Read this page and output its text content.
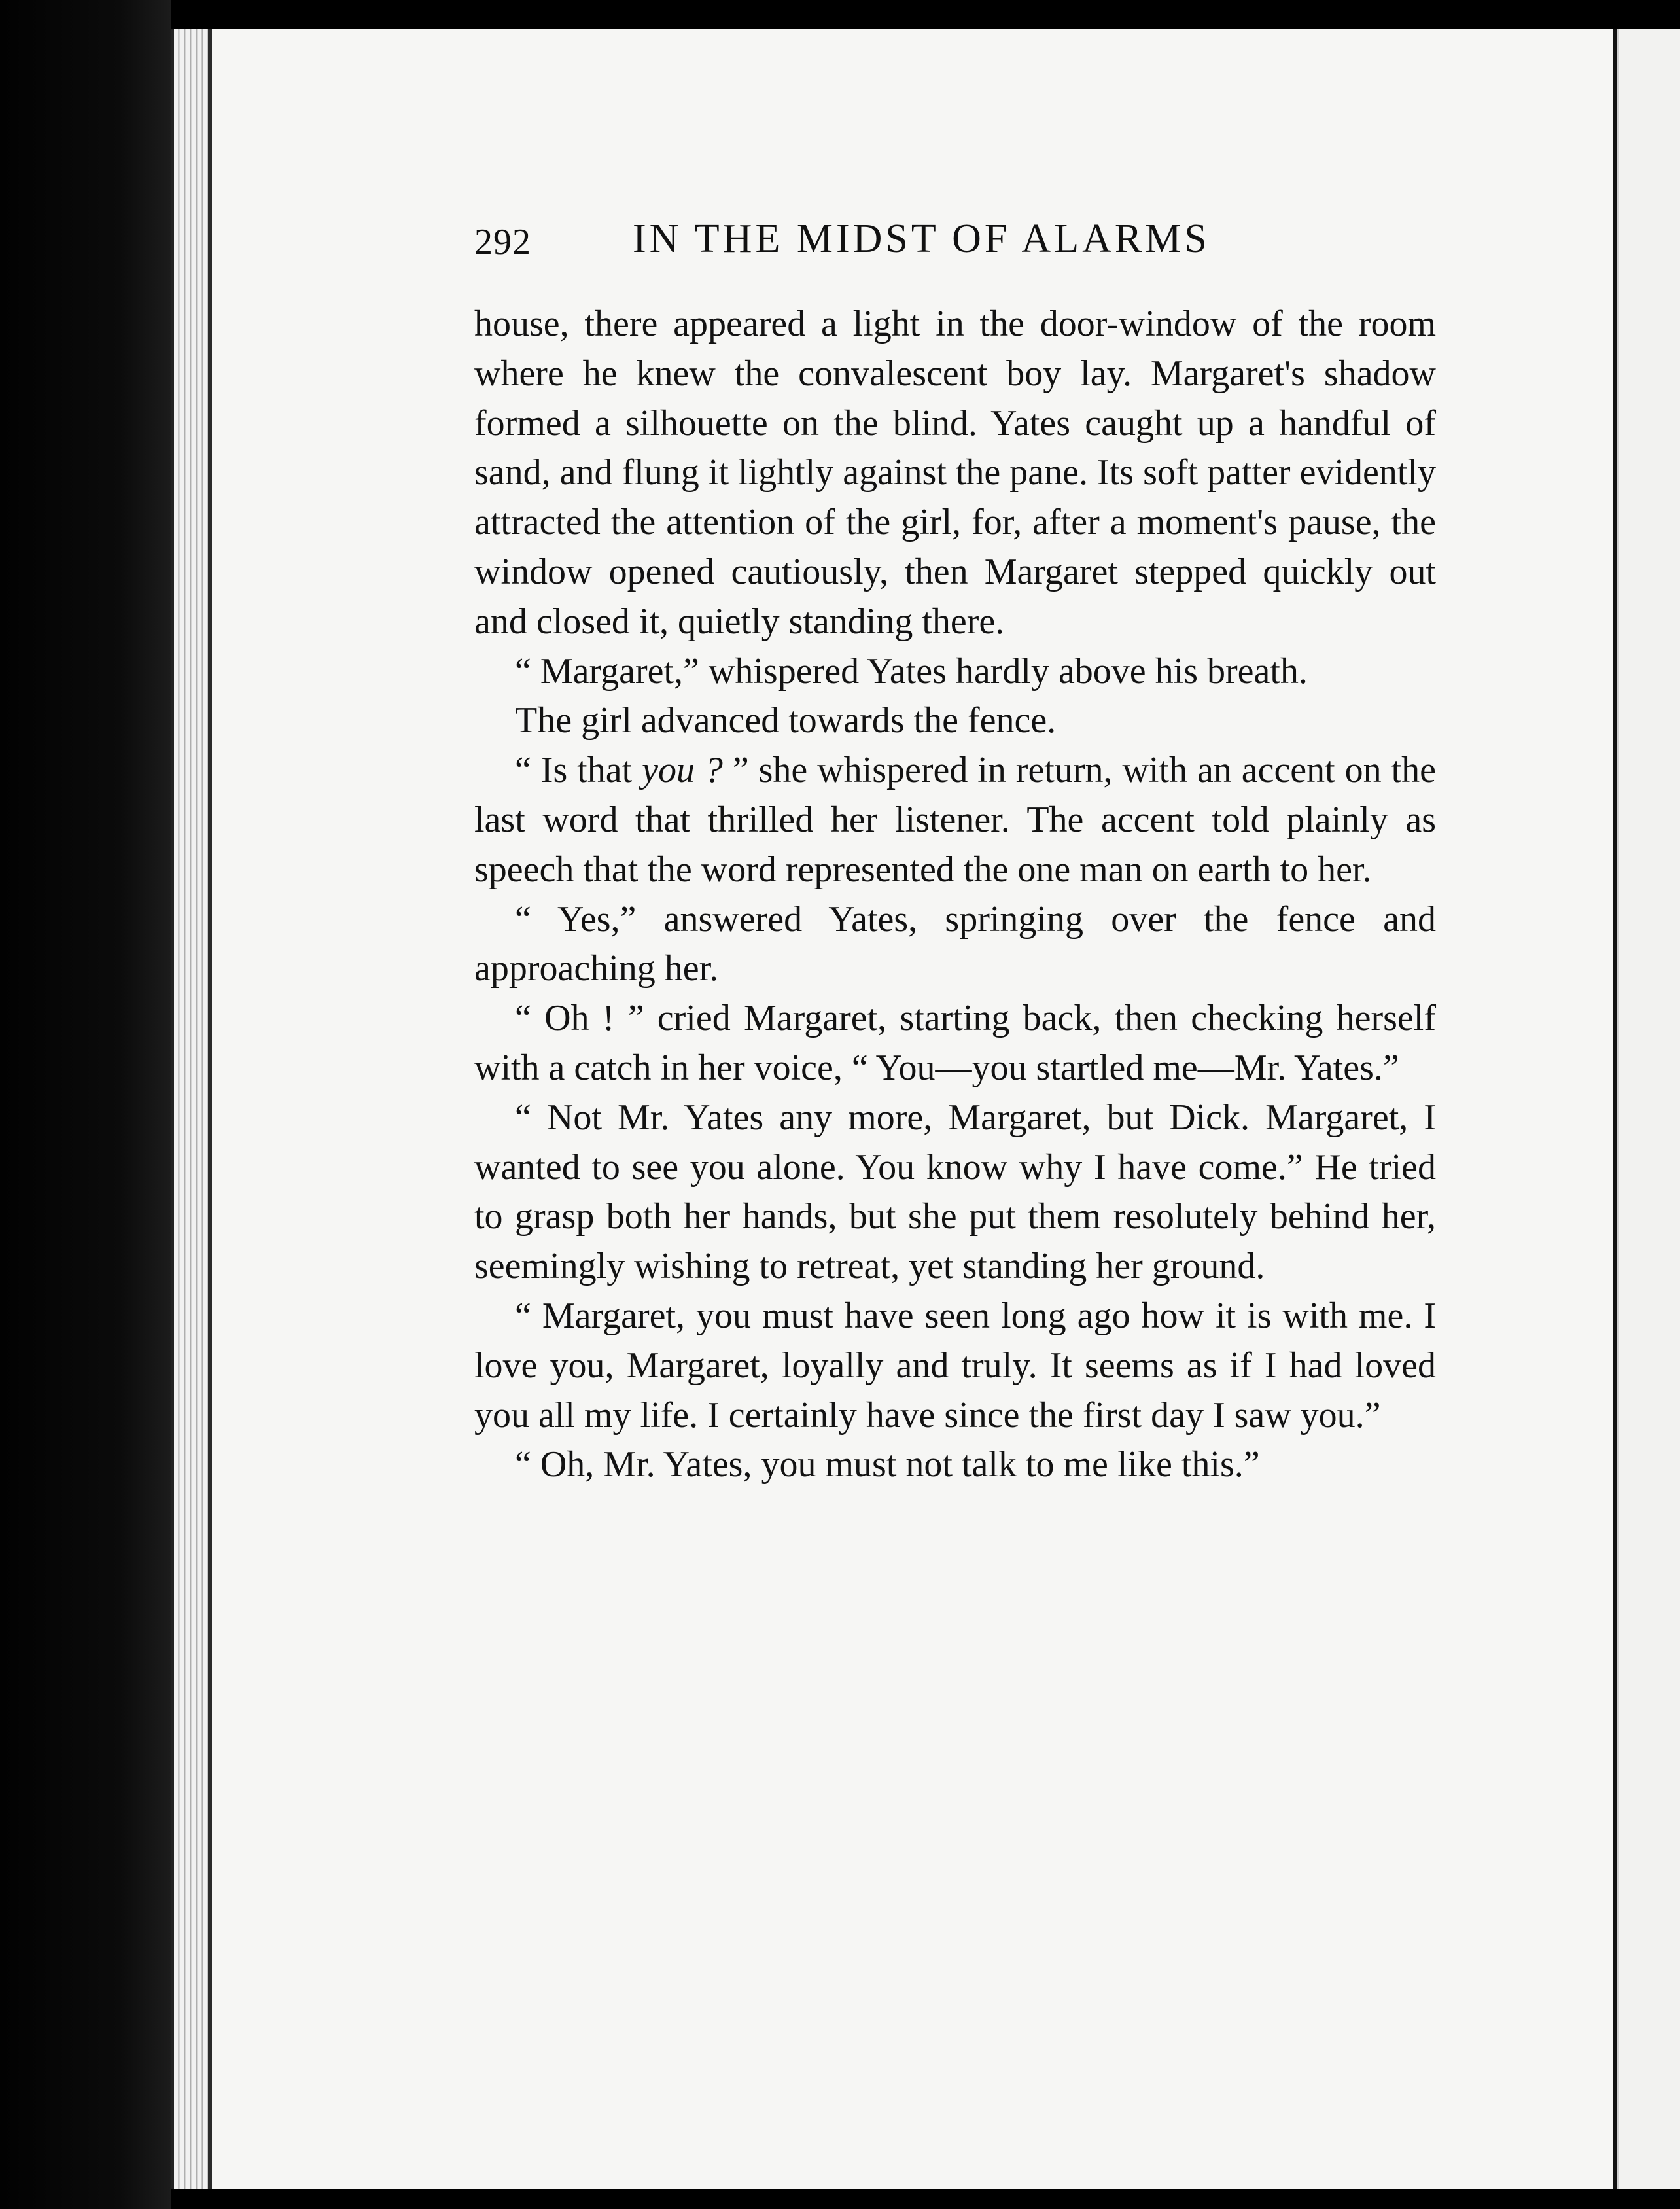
292	IN THE MIDST OF ALARMS

house, there appeared a light in the door-window of the room where he knew the convalescent boy lay. Margaret's shadow formed a silhouette on the blind. Yates caught up a handful of sand, and flung it lightly against the pane. Its soft patter evidently attracted the attention of the girl, for, after a moment's pause, the window opened cautiously, then Margaret stepped quickly out and closed it, quietly standing there.

“ Margaret,” whispered Yates hardly above his breath.

The girl advanced towards the fence.

“ Is that you ? ” she whispered in return, with an accent on the last word that thrilled her listener. The accent told plainly as speech that the word represented the one man on earth to her.

“ Yes,” answered Yates, springing over the fence and approaching her.

“ Oh ! ” cried Margaret, starting back, then checking herself with a catch in her voice, “ You—you startled me—Mr. Yates.”

“ Not Mr. Yates any more, Margaret, but Dick. Margaret, I wanted to see you alone. You know why I have come.” He tried to grasp both her hands, but she put them resolutely behind her, seemingly wishing to retreat, yet standing her ground.

“ Margaret, you must have seen long ago how it is with me. I love you, Margaret, loyally and truly. It seems as if I had loved you all my life. I certainly have since the first day I saw you.”

“ Oh, Mr. Yates, you must not talk to me like this.”
